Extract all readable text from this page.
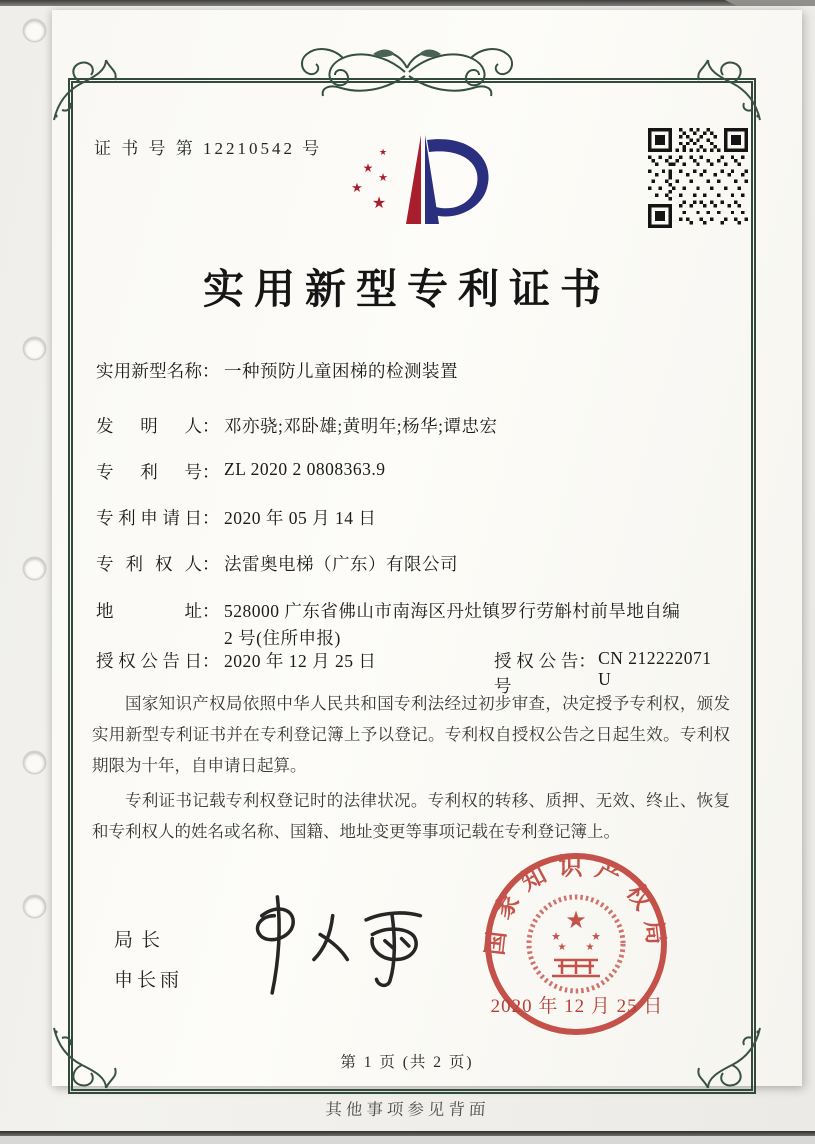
证 书 号 第 12210542 号	★
★
★
★
★
实用新型专利证书
实用新型名称 ： 一种预防儿童困梯的检测装置
发明人 ： 邓亦骁;邓卧雄;黄明年;杨华;谭忠宏
专利号 ： ZL 2020 2 0808363.9
专利申请日 ： 2020 年 05 月 14 日
专利权人 ： 法雷奥电梯（广东）有限公司
地址 ： 528000 广东省佛山市南海区丹灶镇罗行劳斛村前旱地自编 2 号(住所申报)
授权公告日 ： 2020 年 12 月 25 日	授权公告号
： CN 212222071 U

国家知识产权局依照中华人民共和国专利法经过初步审查，决定授予专利权，颁发实用新型专利证书并在专利登记簿上予以登记。专利权自授权公告之日起生效。专利权期限为十年，自申请日起算。

专利证书记载专利权登记时的法律状况。专利权的转移、质押、无效、终止、恢复和专利权人的姓名或名称、国籍、地址变更等事项记载在专利登记簿上。

局长
申长雨
国家知识产权局
★
★	★
★ ★
2020 年 12 月 25 日
第 1 页 (共 2 页)
其他事项参见背面
